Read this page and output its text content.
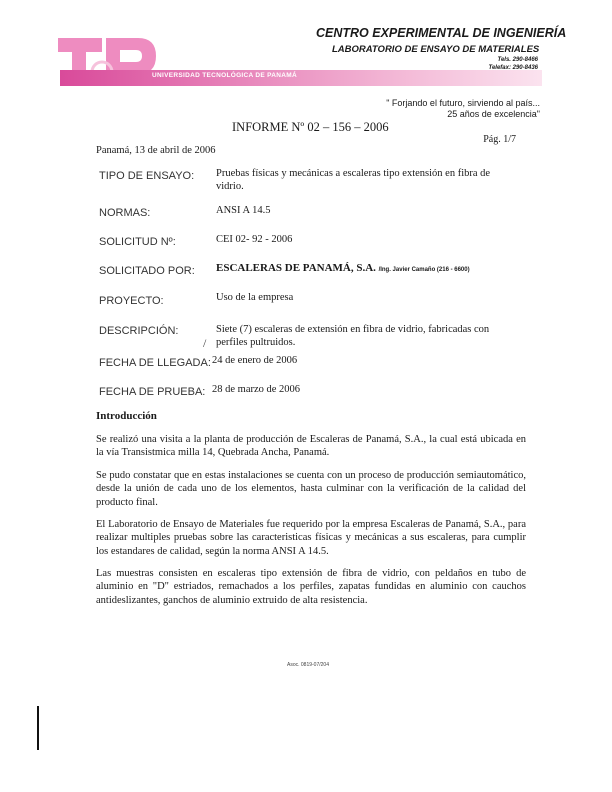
UNIVERSIDAD TECNOLÓGICA DE PANAMÁ
CENTRO EXPERIMENTAL DE INGENIERÍA
LABORATORIO DE ENSAYO DE MATERIALES
Tels. 290-8466
Telefax: 290-8436
" Forjando el futuro, sirviendo al país...
25 años de excelencia"
INFORME Nº 02 – 156 – 2006
Pág. 1/7
Panamá, 13 de abril de 2006
TIPO DE ENSAYO: Pruebas físicas y mecánicas a escaleras tipo extensión en fibra de vidrio.
NORMAS:	ANSI A 14.5
SOLICITUD Nº:	CEI 02- 92 - 2006
SOLICITADO POR: ESCALERAS DE PANAMÁ, S.A. /Ing. Javier Camaño (216 - 6600)
PROYECTO:	Uso de la empresa
DESCRIPCIÓN:	Siete (7) escaleras de extensión en fibra de vidrio, fabricadas con perfiles pultruidos.
/
FECHA DE LLEGADA: 24 de enero de 2006
FECHA DE PRUEBA: 28 de marzo de 2006
Introducción
Se realizó una visita a la planta de producción de Escaleras de Panamá, S.A., la cual está ubicada en la vía Transistmica milla 14, Quebrada Ancha, Panamá.
Se pudo constatar que en estas instalaciones se cuenta con un proceso de producción semiautomático, desde la unión de cada uno de los elementos, hasta culminar con la verificación de la calidad del producto final.
El Laboratorio de Ensayo de Materiales fue requerido por la empresa Escaleras de Panamá, S.A., para realizar multiples pruebas sobre las caracteristicas físicas y mecánicas a sus escaleras, para cumplir los estandares de calidad, según la norma ANSI A 14.5.
Las muestras consisten en escaleras tipo extensión de fibra de vidrio, con peldaños en tubo de aluminio en "D" estriados, remachados a los perfiles, zapatas fundidas en aluminio con cauchos antideslizantes, ganchos de aluminio extruido de alta resistencia.
Asoc. 0819-07/204
